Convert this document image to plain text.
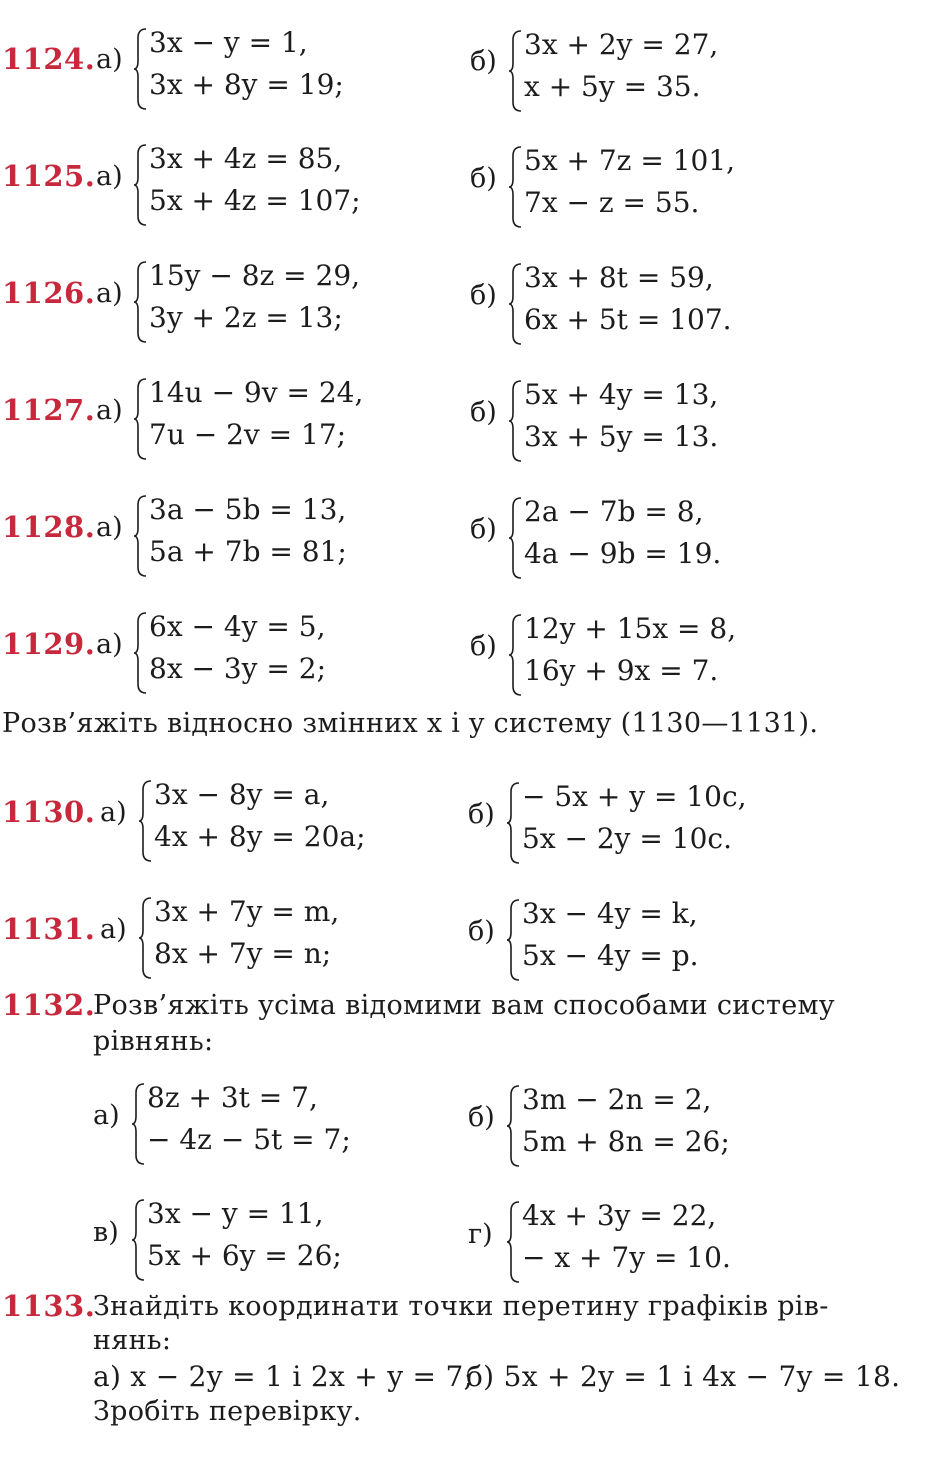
1124. а)
3x − y = 1,
3x + 8y = 19;
б)
3x + 2y = 27,
x + 5y = 35.
1125. а)
3x + 4z = 85,
5x + 4z = 107;
б)
5x + 7z = 101,
7x − z = 55.
1126. а)
15y − 8z = 29,
3y + 2z = 13;
б)
3x + 8t = 59,
6x + 5t = 107.
1127. а)
14u − 9v = 24,
7u − 2v = 17;
б)
5x + 4y = 13,
3x + 5y = 13.
1128. а)
3a − 5b = 13,
5a + 7b = 81;
б)
2a − 7b = 8,
4a − 9b = 19.
1129. а)
6x − 4y = 5,
8x − 3y = 2;
б)
12y + 15x = 8,
16y + 9x = 7.
Розв’яжіть відносно змінних x і y систему (1130—1131).
1130. а)
3x − 8y = a,
4x + 8y = 20a;
б)
− 5x + y = 10c,
5x − 2y = 10c.
1131. а)
3x + 7y = m,
8x + 7y = n;
б)
3x − 4y = k,
5x − 4y = p.
1132.
Розв’яжіть усіма відомими вам способами систему
рівнянь:
а)
8z + 3t = 7,
− 4z − 5t = 7;
б)
3m − 2n = 2,
5m + 8n = 26;
в)
3x − y = 11,
5x + 6y = 26;
г)
4x + 3y = 22,
− x + 7y = 10.
1133.
Знайдіть координати точки перетину графіків рів-
нянь:
а) x − 2y = 1 і 2x + y = 7;
б) 5x + 2y = 1 і 4x − 7y = 18.
Зробіть перевірку.
